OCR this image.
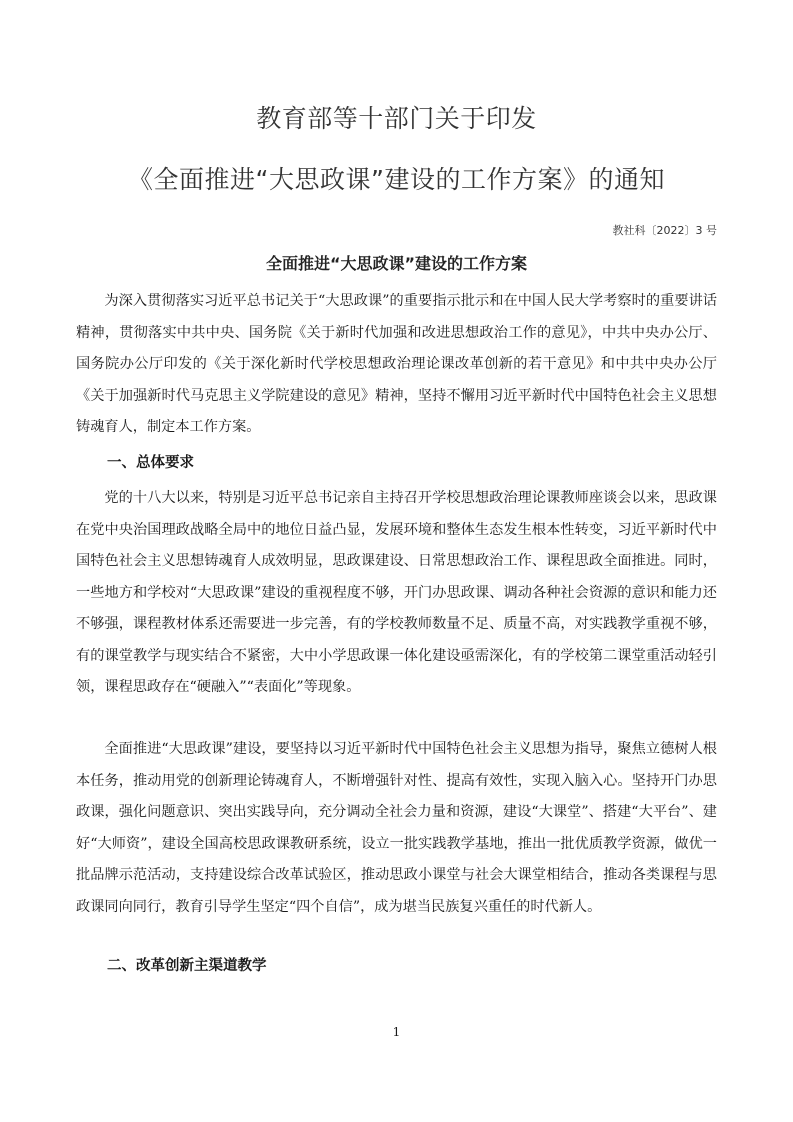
教育部等十部门关于印发
《全面推进“大思政课”建设的工作方案》的通知
教社科〔2022〕3 号
全面推进“大思政课”建设的工作方案

为深入贯彻落实习近平总书记关于“大思政课”的重要指示批示和在中国人民大学考察时的重要讲话精神，贯彻落实中共中央、国务院《关于新时代加强和改进思想政治工作的意见》，中共中央办公厅、国务院办公厅印发的《关于深化新时代学校思想政治理论课改革创新的若干意见》和中共中央办公厅《关于加强新时代马克思主义学院建设的意见》精神，坚持不懈用习近平新时代中国特色社会主义思想铸魂育人，制定本工作方案。

一、总体要求

党的十八大以来，特别是习近平总书记亲自主持召开学校思想政治理论课教师座谈会以来，思政课在党中央治国理政战略全局中的地位日益凸显，发展环境和整体生态发生根本性转变，习近平新时代中国特色社会主义思想铸魂育人成效明显，思政课建设、日常思想政治工作、课程思政全面推进。同时，一些地方和学校对“大思政课”建设的重视程度不够，开门办思政课、调动各种社会资源的意识和能力还不够强，课程教材体系还需要进一步完善，有的学校教师数量不足、质量不高，对实践教学重视不够，有的课堂教学与现实结合不紧密，大中小学思政课一体化建设亟需深化，有的学校第二课堂重活动轻引领，课程思政存在“硬融入”“表面化”等现象。

全面推进“大思政课”建设，要坚持以习近平新时代中国特色社会主义思想为指导，聚焦立德树人根本任务，推动用党的创新理论铸魂育人，不断增强针对性、提高有效性，实现入脑入心。坚持开门办思政课，强化问题意识、突出实践导向，充分调动全社会力量和资源，建设“大课堂”、搭建“大平台”、建好“大师资”，建设全国高校思政课教研系统，设立一批实践教学基地，推出一批优质教学资源，做优一批品牌示范活动，支持建设综合改革试验区，推动思政小课堂与社会大课堂相结合，推动各类课程与思政课同向同行，教育引导学生坚定“四个自信”，成为堪当民族复兴重任的时代新人。

二、改革创新主渠道教学
1
